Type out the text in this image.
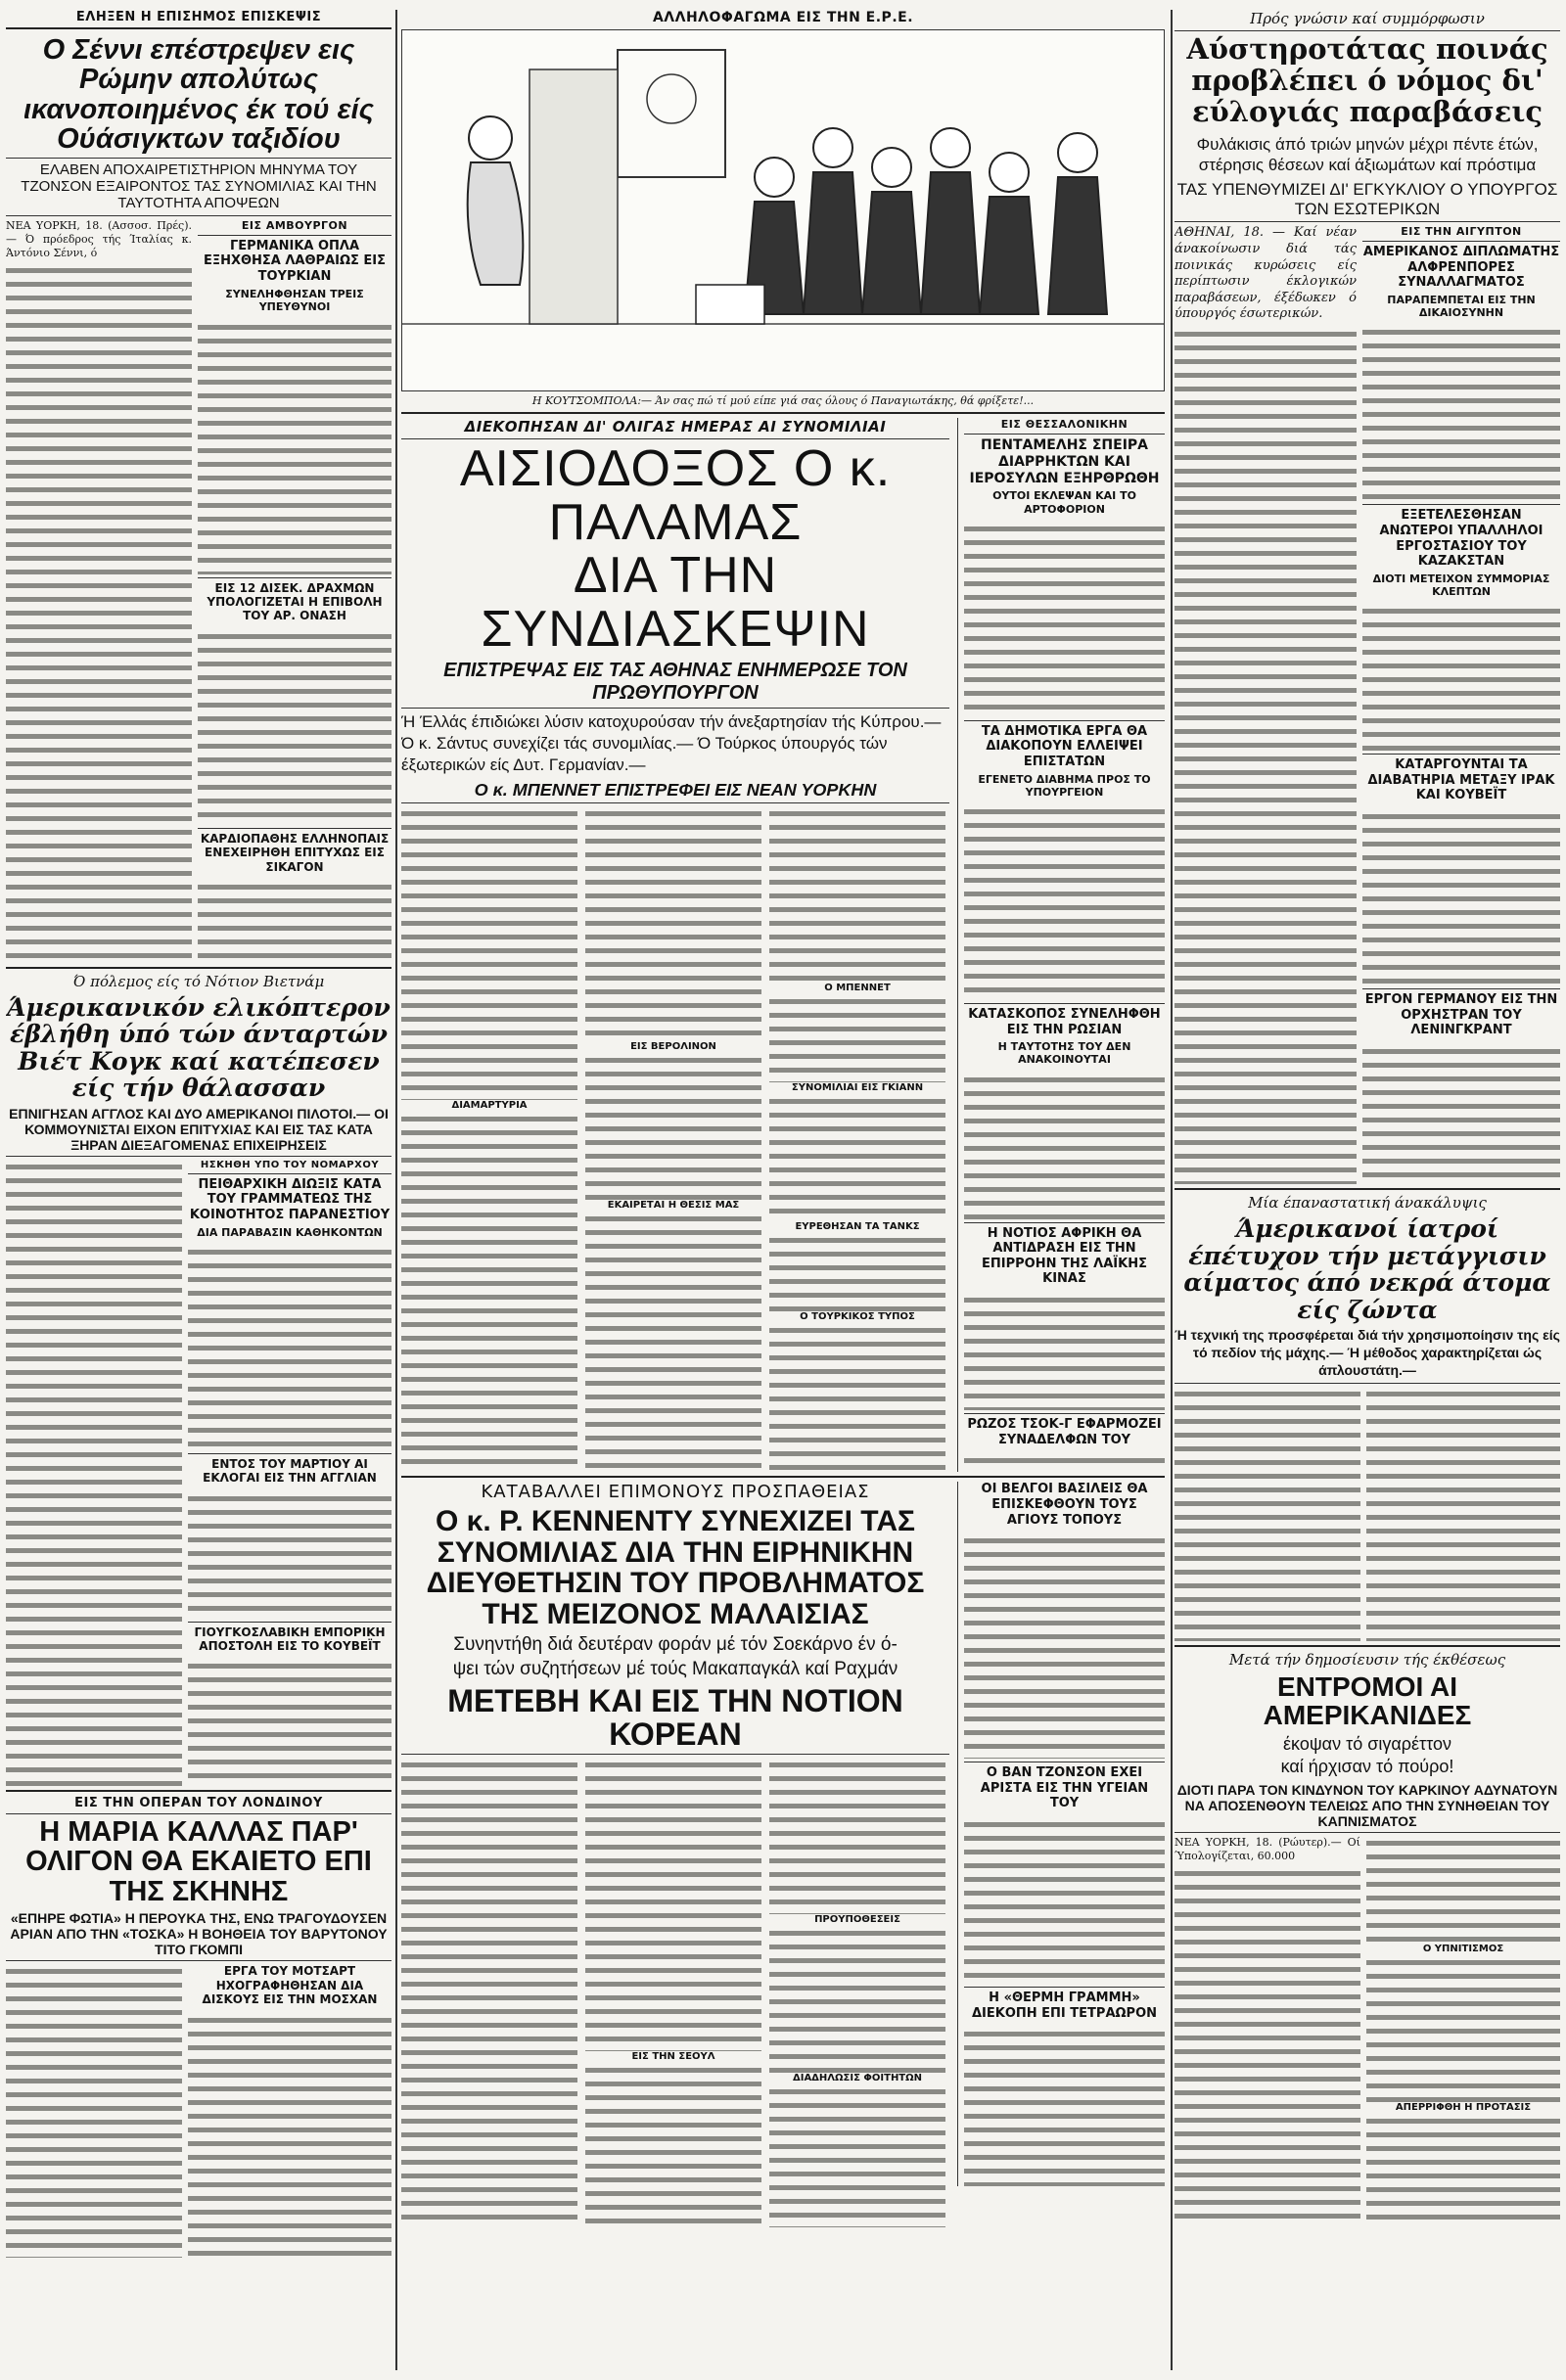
ΕΛΗΞΕΝ Η ΕΠΙΣΗΜΟΣ ΕΠΙΣΚΕΨΙΣ
Ο Σέννι επέστρεψεν εις Ρώμην απολύτως ικανοποιημένος έκ τού είς Ούάσιγκτων ταξιδίου
ΕΛΑΒΕΝ ΑΠΟΧΑΙΡΕΤΙΣΤΗΡΙΟΝ ΜΗΝΥΜΑ ΤΟΥ ΤΖΟΝΣΟΝ ΕΞΑΙΡΟΝΤΟΣ ΤΑΣ ΣΥΝΟΜΙΛΙΑΣ ΚΑΙ ΤΗΝ ΤΑΥΤΟΤΗΤΑ ΑΠΟΨΕΩΝ
ΝΕΑ ΥΟΡΚΗ, 18. (Ασσοσ. Πρές).— Ό πρόεδρος τής Ίταλίας κ. Άντόνιο Σέννι, ό
ΕΙΣ ΑΜΒΟΥΡΓΟΝ
ΓΕΡΜΑΝΙΚΑ ΟΠΛΑ ΕΞΗΧΘΗΣΑ ΛΑΘΡΑΙΩΣ ΕΙΣ ΤΟΥΡΚΙΑΝ
ΣΥΝΕΛΗΦΘΗΣΑΝ ΤΡΕΙΣ ΥΠΕΥΘΥΝΟΙ
ΕΙΣ 12 ΔΙΣΕΚ. ΔΡΑΧΜΩΝ ΥΠΟΛΟΓΙΖΕΤΑΙ Η ΕΠΙΒΟΛΗ ΤΟΥ ΑΡ. ΟΝΑΣΗ
ΚΑΡΔΙΟΠΑΘΗΣ ΕΛΛΗΝΟΠΑΙΣ ΕΝΕΧΕΙΡΗΘΗ ΕΠΙΤΥΧΩΣ ΕΙΣ ΣΙΚΑΓΟΝ
Ό πόλεμος είς τό Νότιον Βιετνάμ
Άμερικανικόν ελικόπτερον έβλήθη ύπό τών άνταρτών Βιέτ Κογκ καί κατέπεσεν είς τήν θάλασσαν
ΕΠΝΙΓΗΣΑΝ ΑΓΓΛΟΣ ΚΑΙ ΔΥΟ ΑΜΕΡΙΚΑΝΟΙ ΠΙΛΟΤΟΙ.— ΟΙ ΚΟΜΜΟΥΝΙΣΤΑΙ ΕΙΧΟΝ ΕΠΙΤΥΧΙΑΣ ΚΑΙ ΕΙΣ ΤΑΣ ΚΑΤΑ ΞΗΡΑΝ ΔΙΕΞΑΓΟΜΕΝΑΣ ΕΠΙΧΕΙΡΗΣΕΙΣ
ΗΣΚΗΘΗ ΥΠΟ ΤΟΥ ΝΟΜΑΡΧΟΥ
ΠΕΙΘΑΡΧΙΚΗ ΔΙΩΞΙΣ ΚΑΤΑ ΤΟΥ ΓΡΑΜΜΑΤΕΩΣ ΤΗΣ ΚΟΙΝΟΤΗΤΟΣ ΠΑΡΑΝΕΣΤΙΟΥ
ΔΙΑ ΠΑΡΑΒΑΣΙΝ ΚΑΘΗΚΟΝΤΩΝ
ΕΝΤΟΣ ΤΟΥ ΜΑΡΤΙΟΥ ΑΙ ΕΚΛΟΓΑΙ ΕΙΣ ΤΗΝ ΑΓΓΛΙΑΝ
ΓΙΟΥΓΚΟΣΛΑΒΙΚΗ ΕΜΠΟΡΙΚΗ ΑΠΟΣΤΟΛΗ ΕΙΣ ΤΟ ΚΟΥΒΕΪΤ
ΕΙΣ ΤΗΝ ΟΠΕΡΑΝ ΤΟΥ ΛΟΝΔΙΝΟΥ
Η ΜΑΡΙΑ ΚΑΛΛΑΣ ΠΑΡ' ΟΛΙΓΟΝ ΘΑ ΕΚΑΙΕΤΟ ΕΠΙ ΤΗΣ ΣΚΗΝΗΣ
«ΕΠΗΡΕ ΦΩΤΙΑ» Η ΠΕΡΟΥΚΑ ΤΗΣ, ΕΝΩ ΤΡΑΓΟΥΔΟΥΣΕΝ ΑΡΙΑΝ ΑΠΟ ΤΗΝ «ΤΟΣΚΑ» Η ΒΟΗΘΕΙΑ ΤΟΥ ΒΑΡΥΤΟΝΟΥ ΤΙΤΟ ΓΚΟΜΠΙ
ΕΡΓΑ ΤΟΥ ΜΟΤΣΑΡΤ ΗΧΟΓΡΑΦΗΘΗΣΑΝ ΔΙΑ ΔΙΣΚΟΥΣ ΕΙΣ ΤΗΝ ΜΟΣΧΑΝ
ΑΛΛΗΛΟΦΑΓΩΜΑ ΕΙΣ ΤΗΝ Ε.Ρ.Ε.
Η ΚΟΥΤΣΟΜΠΟΛΑ:— Άν σας πώ τί μού είπε γιά σας όλους ό Παναγιωτάκης, θά φρίξετε!...
ΔΙΕΚΟΠΗΣΑΝ ΔΙ' ΟΛΙΓΑΣ ΗΜΕΡΑΣ ΑΙ ΣΥΝΟΜΙΛΙΑΙ
ΑΙΣΙΟΔΟΞΟΣ Ο κ. ΠΑΛΑΜΑΣ
ΔΙΑ ΤΗΝ ΣΥΝΔΙΑΣΚΕΨΙΝ
ΕΠΙΣΤΡΕΨΑΣ ΕΙΣ ΤΑΣ ΑΘΗΝΑΣ ΕΝΗΜΕΡΩΣΕ ΤΟΝ ΠΡΩΘΥΠΟΥΡΓΟΝ
Ή Έλλάς έπιδιώκει λύσιν κατοχυρούσαν τήν άνεξαρτησίαν τής Κύπρου.— Ό κ. Σάντυς συνεχίζει τάς συνομιλίας.— Ό Τούρκος ύπουργός τών έξωτερικών είς Δυτ. Γερμανίαν.—
Ο κ. ΜΠΕΝΝΕΤ ΕΠΙΣΤΡΕΦΕΙ ΕΙΣ ΝΕΑΝ ΥΟΡΚΗΝ
ΔΙΑΜΑΡΤΥΡΙΑ
ΕΙΣ ΒΕΡΟΛΙΝΟΝ
ΕΚΑΙΡΕΤΑΙ Η ΘΕΣΙΣ ΜΑΣ
Ο ΜΠΕΝΝΕΤ
ΣΥΝΟΜΙΛΙΑΙ ΕΙΣ ΓΚΙΑΝΝ
ΕΥΡΕΘΗΣΑΝ ΤΑ ΤΑΝΚΣ
Ο ΤΟΥΡΚΙΚΟΣ ΤΥΠΟΣ
ΕΙΣ ΘΕΣΣΑΛΟΝΙΚΗΝ
ΠΕΝΤΑΜΕΛΗΣ ΣΠΕΙΡΑ ΔΙΑΡΡΗΚΤΩΝ ΚΑΙ ΙΕΡΟΣΥΛΩΝ ΕΞΗΡΘΡΩΘΗ
ΟΥΤΟΙ ΕΚΛΕΨΑΝ ΚΑΙ ΤΟ ΑΡΤΟΦΟΡΙΟΝ
ΤΑ ΔΗΜΟΤΙΚΑ ΕΡΓΑ ΘΑ ΔΙΑΚΟΠΟΥΝ ΕΛΛΕΙΨΕΙ ΕΠΙΣΤΑΤΩΝ
ΕΓΕΝΕΤΟ ΔΙΑΒΗΜΑ ΠΡΟΣ ΤΟ ΥΠΟΥΡΓΕΙΟΝ
ΚΑΤΑΣΚΟΠΟΣ ΣΥΝΕΛΗΦΘΗ ΕΙΣ ΤΗΝ ΡΩΣΙΑΝ
Η ΤΑΥΤΟΤΗΣ ΤΟΥ ΔΕΝ ΑΝΑΚΟΙΝΟΥΤΑΙ
Η ΝΟΤΙΟΣ ΑΦΡΙΚΗ ΘΑ ΑΝΤΙΔΡΑΣΗ ΕΙΣ ΤΗΝ ΕΠΙΡΡΟΗΝ ΤΗΣ ΛΑΪΚΗΣ ΚΙΝΑΣ
ΡΩΖΟΣ ΤΣΟΚ-Γ ΕΦΑΡΜΟΖΕΙ ΣΥΝΑΔΕΛΦΩΝ ΤΟΥ
ΚΑΤΑΒΑΛΛΕΙ ΕΠΙΜΟΝΟΥΣ ΠΡΟΣΠΑΘΕΙΑΣ
Ο κ. Ρ. ΚΕΝΝΕΝΤΥ ΣΥΝΕΧΙΖΕΙ ΤΑΣ ΣΥΝΟΜΙΛΙΑΣ ΔΙΑ ΤΗΝ ΕΙΡΗΝΙΚΗΝ ΔΙΕΥΘΕΤΗΣΙΝ ΤΟΥ ΠΡΟΒΛΗΜΑΤΟΣ ΤΗΣ ΜΕΙΖΟΝΟΣ ΜΑΛΑΙΣΙΑΣ
Συνηντήθη διά δευτέραν φοράν μέ τόν Σοεκάρνο έν ό-
ψει τών συζητήσεων μέ τούς Μακαπαγκάλ καί Ραχμάν
ΜΕΤΕΒΗ ΚΑΙ ΕΙΣ ΤΗΝ ΝΟΤΙΟΝ ΚΟΡΕΑΝ
ΕΙΣ ΤΗΝ ΣΕΟΥΛ
ΠΡΟΥΠΟΘΕΣΕΙΣ
ΔΙΑΔΗΛΩΣΙΣ ΦΟΙΤΗΤΩΝ
ΟΙ ΒΕΛΓΟΙ ΒΑΣΙΛΕΙΣ ΘΑ ΕΠΙΣΚΕΦΘΟΥΝ ΤΟΥΣ ΑΓΙΟΥΣ ΤΟΠΟΥΣ
Ο ΒΑΝ ΤΖΟΝΣΟΝ ΕΧΕΙ ΑΡΙΣΤΑ ΕΙΣ ΤΗΝ ΥΓΕΙΑΝ ΤΟΥ
Η «ΘΕΡΜΗ ΓΡΑΜΜΗ» ΔΙΕΚΟΠΗ ΕΠΙ ΤΕΤΡΑΩΡΟΝ
Πρός γνώσιν καί συμμόρφωσιν
Αύστηροτάτας ποινάς προβλέπει ό νόμος δι' εύλογιάς παραβάσεις
Φυλάκισις άπό τριών μηνών μέχρι πέντε έτών, στέρησις θέσεων καί άξιωμάτων καί πρόστιμα
ΤΑΣ ΥΠΕΝΘΥΜΙΖΕΙ ΔΙ' ΕΓΚΥΚΛΙΟΥ Ο ΥΠΟΥΡΓΟΣ ΤΩΝ ΕΣΩΤΕΡΙΚΩΝ
ΑΘΗΝΑΙ, 18. — Καί νέαν άνακοίνωσιν διά τάς ποινικάς κυρώσεις είς περίπτωσιν έκλογικών παραβάσεων, έξέδωκεν ό ύπουργός έσωτερικών.
ΕΙΣ ΤΗΝ ΑΙΓΥΠΤΟΝ
ΑΜΕΡΙΚΑΝΟΣ ΔΙΠΛΩΜΑΤΗΣ ΑΛΦΡΕΝΠΟΡΕΣ ΣΥΝΑΛΛΑΓΜΑΤΟΣ
ΠΑΡΑΠΕΜΠΕΤΑΙ ΕΙΣ ΤΗΝ ΔΙΚΑΙΟΣΥΝΗΝ
ΕΞΕΤΕΛΕΣΘΗΣΑΝ ΑΝΩΤΕΡΟΙ ΥΠΑΛΛΗΛΟΙ ΕΡΓΟΣΤΑΣΙΟΥ ΤΟΥ ΚΑΖΑΚΣΤΑΝ
ΔΙΟΤΙ ΜΕΤΕΙΧΟΝ ΣΥΜΜΟΡΙΑΣ ΚΛΕΠΤΩΝ
ΚΑΤΑΡΓΟΥΝΤΑΙ ΤΑ ΔΙΑΒΑΤΗΡΙΑ ΜΕΤΑΞΥ ΙΡΑΚ ΚΑΙ ΚΟΥΒΕΪΤ
ΕΡΓΟΝ ΓΕΡΜΑΝΟΥ ΕΙΣ ΤΗΝ ΟΡΧΗΣΤΡΑΝ ΤΟΥ ΛΕΝΙΝΓΚΡΑΝΤ
Μία έπαναστατική άνακάλυψις
Άμερικανοί ίατροί έπέτυχον τήν μετάγγισιν αίματος άπό νεκρά άτομα είς ζώντα
Ή τεχνική της προσφέρεται διά τήν χρησιμοποίησιν της είς τό πεδίον τής μάχης.— Ή μέθοδος χαρακτηρίζεται ώς άπλουστάτη.—
Μετά τήν δημοσίευσιν τής έκθέσεως
ΕΝΤΡΟΜΟΙ ΑΙ ΑΜΕΡΙΚΑΝΙΔΕΣ
έκοψαν τό σιγαρέττον
καί ήρχισαν τό πούρο!
ΔΙΟΤΙ ΠΑΡΑ ΤΟΝ ΚΙΝΔΥΝΟΝ ΤΟΥ ΚΑΡΚΙΝΟΥ ΑΔΥΝΑΤΟΥΝ ΝΑ ΑΠΟΣΕΝΘΟΥΝ ΤΕΛΕΙΩΣ ΑΠΟ ΤΗΝ ΣΥΝΗΘΕΙΑΝ ΤΟΥ ΚΑΠΝΙΣΜΑΤΟΣ
ΝΕΑ ΥΟΡΚΗ, 18. (Ρώυτερ).— Οί Ύπολογίζεται, 60.000
Ο ΥΠΝΙΤΙΣΜΟΣ
ΑΠΕΡΡΙΦΘΗ Η ΠΡΟΤΑΣΙΣ
